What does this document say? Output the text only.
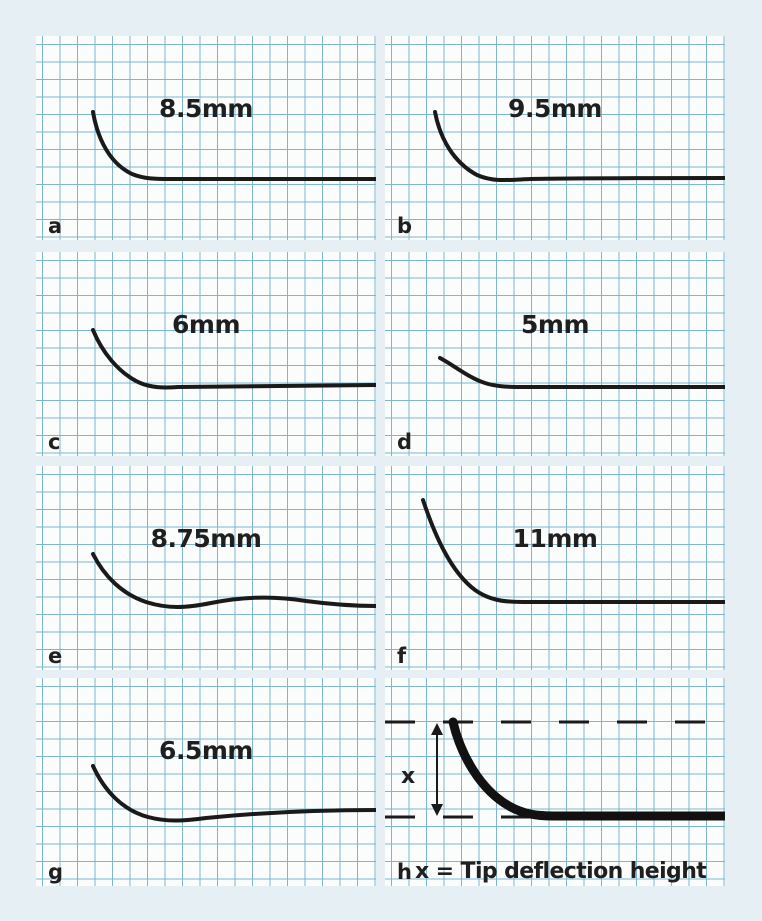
8.5mm
a
9.5mm
b
6mm
c
5mm
d
8.75mm
e
11mm
f
6.5mm
g
x
h x = Tip deflection height
